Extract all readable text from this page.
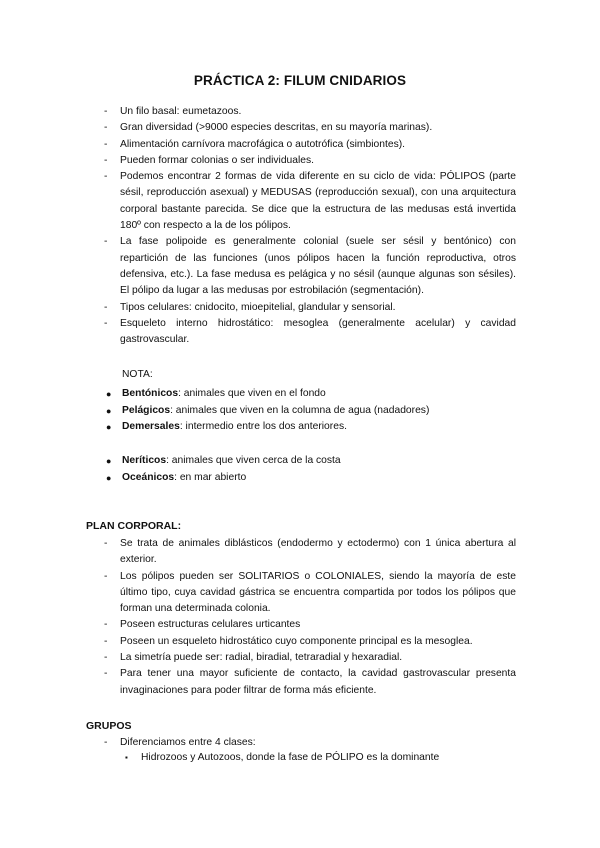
PRÁCTICA 2: FILUM CNIDARIOS
- Un filo basal: eumetazoos.
- Gran diversidad (>9000 especies descritas, en su mayoría marinas).
- Alimentación carnívora macrofágica o autotrófica (simbiontes).
- Pueden formar colonias o ser individuales.
- Podemos encontrar 2 formas de vida diferente en su ciclo de vida: PÓLIPOS (parte sésil, reproducción asexual) y MEDUSAS (reproducción sexual), con una arquitectura corporal bastante parecida. Se dice que la estructura de las medusas está invertida 180º con respecto a la de los pólipos.
- La fase polipoide es generalmente colonial (suele ser sésil y bentónico) con repartición de las funciones (unos pólipos hacen la función reproductiva, otros defensiva, etc.). La fase medusa es pelágica y no sésil (aunque algunas son sésiles). El pólipo da lugar a las medusas por estrobilación (segmentación).
- Tipos celulares: cnidocito, mioepitelial, glandular y sensorial.
- Esqueleto interno hidrostático: mesoglea (generalmente acelular) y cavidad gastrovascular.
NOTA:
● Bentónicos: animales que viven en el fondo
● Pelágicos: animales que viven en la columna de agua (nadadores)
● Demersales: intermedio entre los dos anteriores.
● Neríticos: animales que viven cerca de la costa
● Oceánicos: en mar abierto
PLAN CORPORAL:
- Se trata de animales diblásticos (endodermo y ectodermo) con 1 única abertura al exterior.
- Los pólipos pueden ser SOLITARIOS o COLONIALES, siendo la mayoría de este último tipo, cuya cavidad gástrica se encuentra compartida por todos los pólipos que forman una determinada colonia.
- Poseen estructuras celulares urticantes
- Poseen un esqueleto hidrostático cuyo componente principal es la mesoglea.
- La simetría puede ser: radial, biradial, tetraradial y hexaradial.
- Para tener una mayor suficiente de contacto, la cavidad gastrovascular presenta invaginaciones para poder filtrar de forma más eficiente.
GRUPOS
- Diferenciamos entre 4 clases:
▪ Hidrozoos y Autozoos, donde la fase de PÓLIPO es la dominante
